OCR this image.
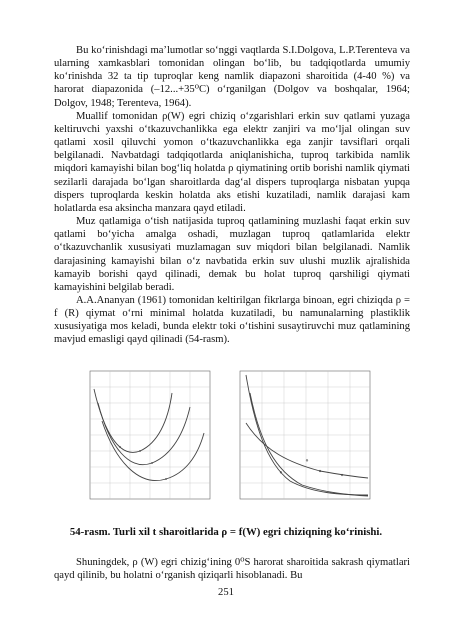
Bu ko‘rinishdagi ma’lumotlar so‘nggi vaqtlarda S.I.Dolgova, L.P.Terenteva va ularning xamkasblari tomonidan olingan bo‘lib, bu tadqiqotlarda umumiy ko‘rinishda 32 ta tip tuproqlar keng namlik diapazoni sharoitida (4-40 %) va harorat diapazonida (–12...+35⁰C) o‘rganilgan (Dolgov va boshqalar, 1964; Dolgov, 1948; Terenteva, 1964).

Muallif tomonidan ρ(W) egri chiziq o‘zgarishlari erkin suv qatlami yuzaga keltiruvchi yaxshi o‘tkazuvchanlikka ega elektr zanjiri va mo‘ljal olingan suv qatlami xosil qiluvchi yomon o‘tkazuvchanlikka ega zanjir tavsiflari orqali belgilanadi. Navbatdagi tadqiqotlarda aniqlanishicha, tuproq tarkibida namlik miqdori kamayishi bilan bog‘liq holatda ρ qiymatining ortib borishi namlik qiymati sezilarli darajada bo‘lgan sharoitlarda dag‘al dispers tuproqlarga nisbatan yupqa dispers tuproqlarda keskin holatda aks etishi kuzatiladi, namlik darajasi kam holatlarda esa aksincha manzara qayd etiladi.

Muz qatlamiga o‘tish natijasida tuproq qatlamining muzlashi faqat erkin suv qatlami bo‘yicha amalga oshadi, muzlagan tuproq qatlamlarida elektr o‘tkazuvchanlik xususiyati muzlamagan suv miqdori bilan belgilanadi. Namlik darajasining kamayishi bilan o‘z navbatida erkin suv ulushi muzlik ajralishida kamayib borishi qayd qilinadi, demak bu holat tuproq qarshiligi qiymati kamayishini belgilab beradi.

A.A.Ananyan (1961) tomonidan keltirilgan fikrlarga binoan, egri chiziqda ρ = f (R) qiymat o‘rni minimal holatda kuzatiladi, bu namunalarning plastiklik xususiyatiga mos keladi, bunda elektr toki o‘tishini susaytiruvchi muz qatlamining mavjud emasligi qayd qilinadi (54-rasm).

54-rasm. Turli xil t sharoitlarida ρ = f(W) egri chiziqning ko‘rinishi.

Shuningdek, ρ (W) egri chizig‘ining 0⁰S harorat sharoitida sakrash qiymatlari qayd qilinib, bu holatni o‘rganish qiziqarli hisoblanadi. Bu

251
